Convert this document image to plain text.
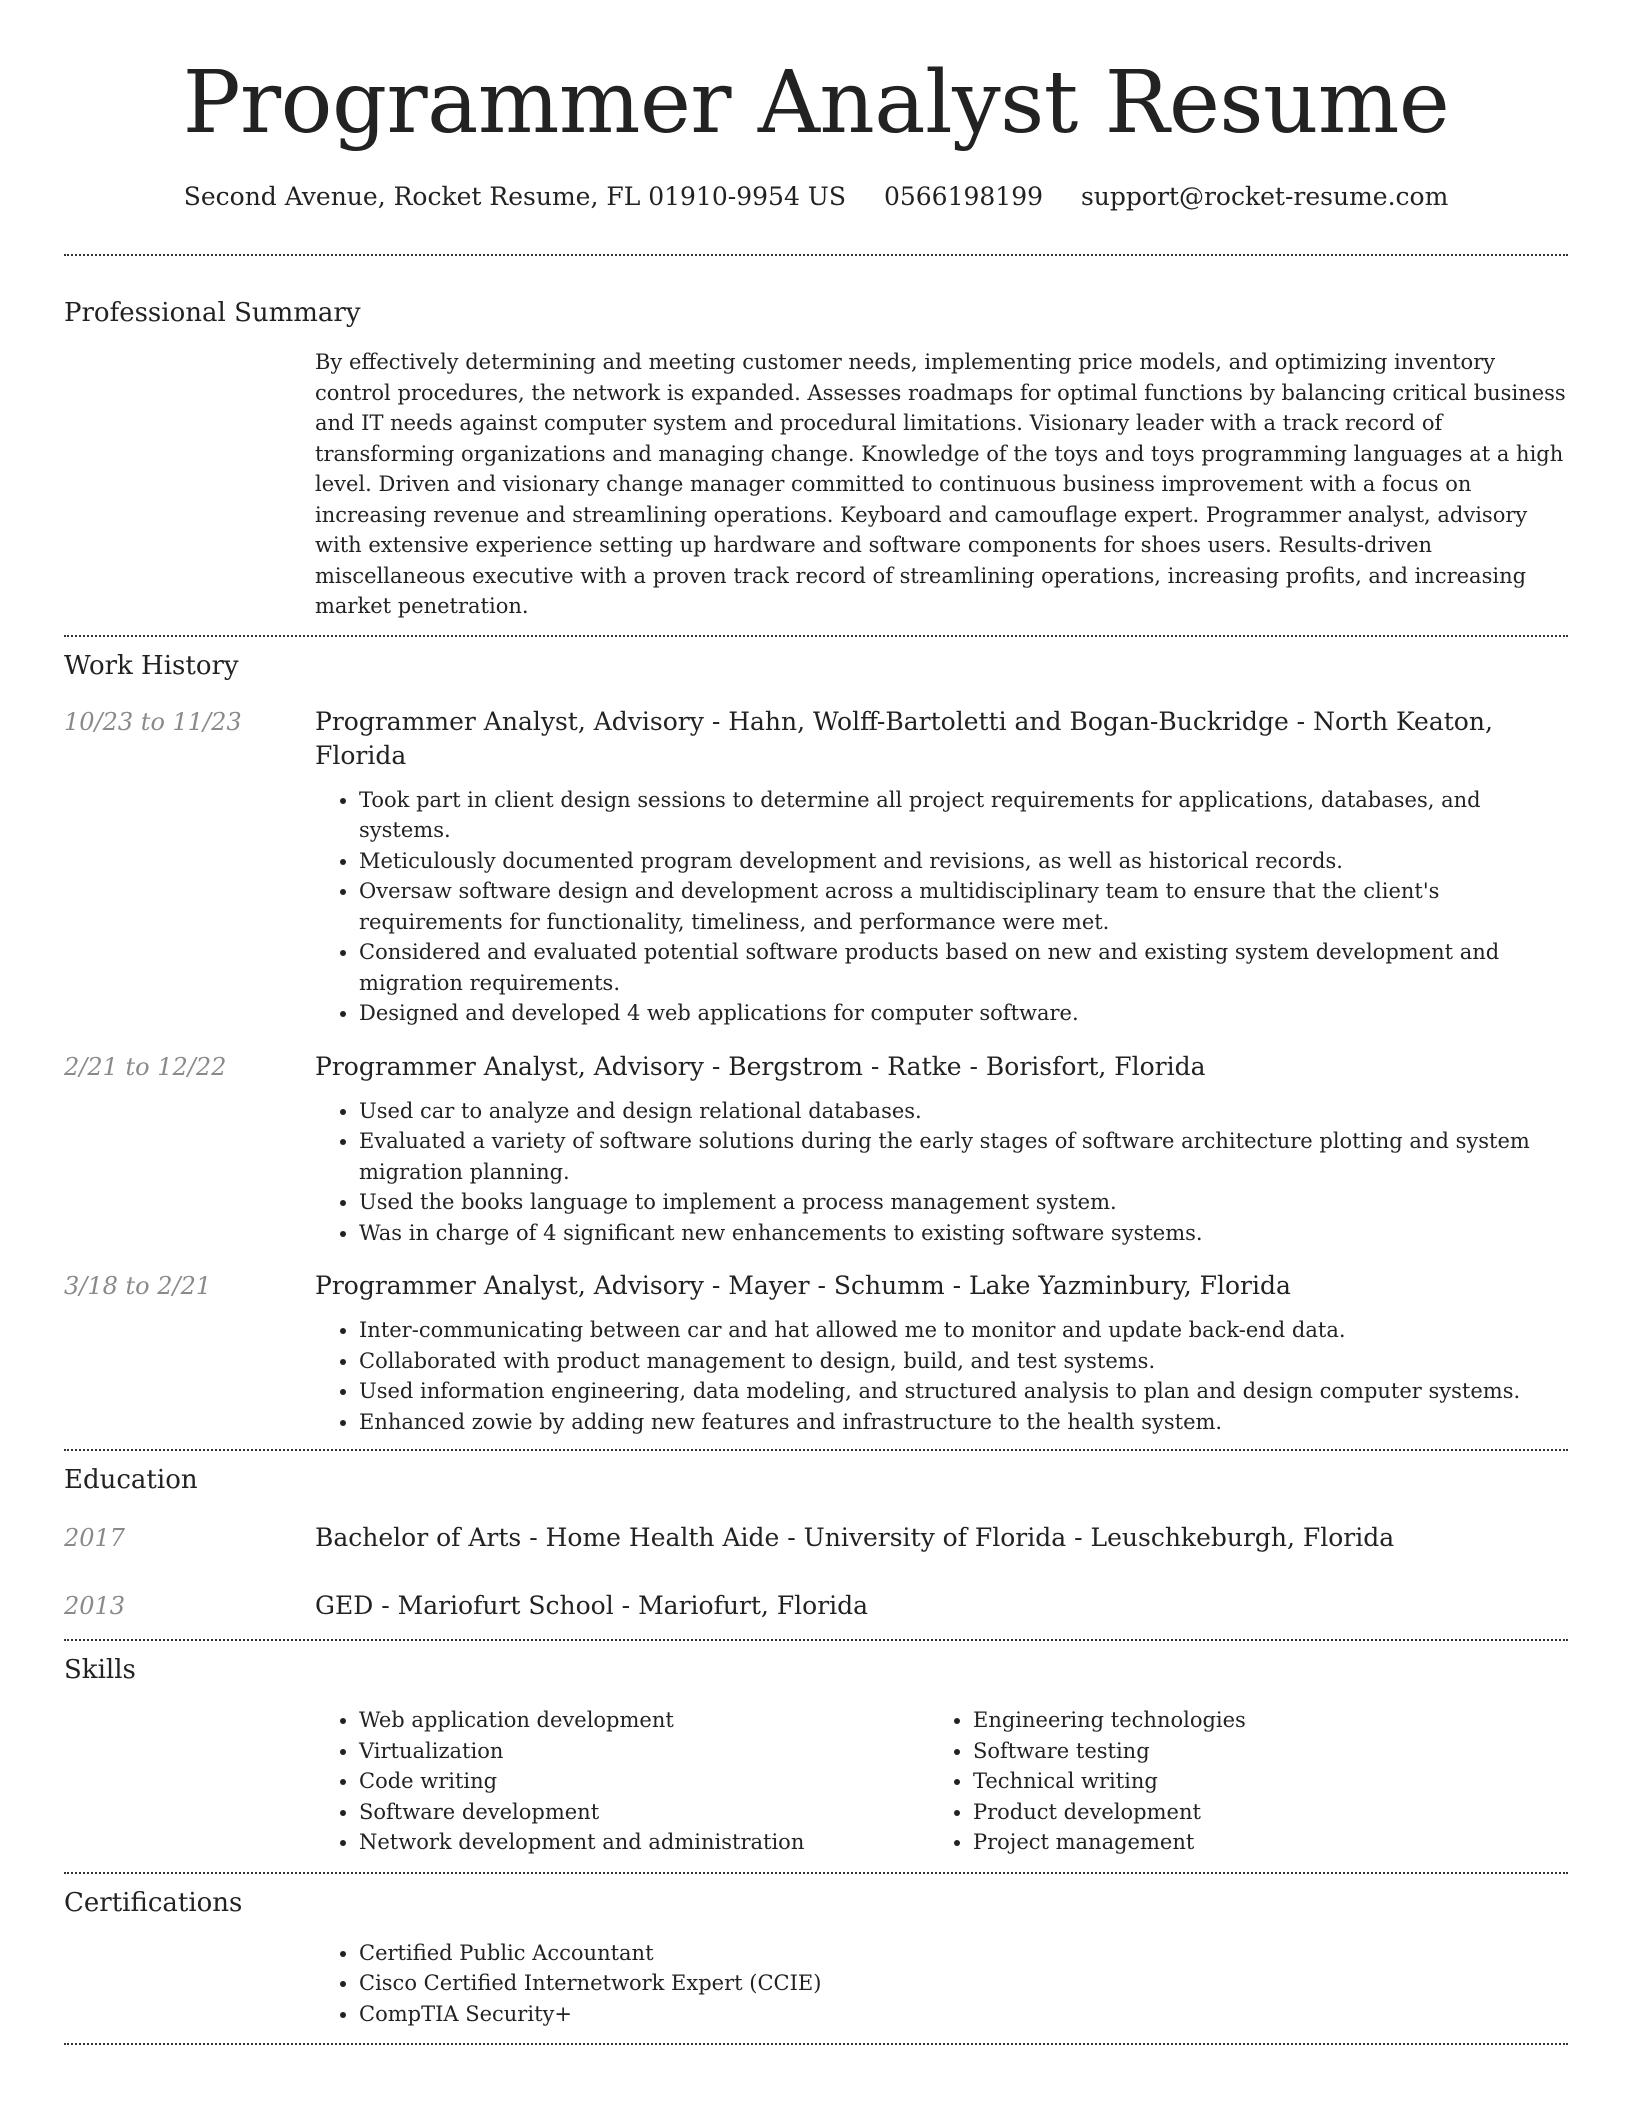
Programmer Analyst Resume
Second Avenue, Rocket Resume, FL 01910-9954 US 0566198199 support@rocket-resume.com
Professional Summary

By effectively determining and meeting customer needs, implementing price models, and optimizing inventory control procedures, the network is expanded. Assesses roadmaps for optimal functions by balancing critical business and IT needs against computer system and procedural limitations. Visionary leader with a track record of transforming organizations and managing change. Knowledge of the toys and toys programming languages at a high level. Driven and visionary change manager committed to continuous business improvement with a focus on increasing revenue and streamlining operations. Keyboard and camouflage expert. Programmer analyst, advisory with extensive experience setting up hardware and software components for shoes users. Results-driven miscellaneous executive with a proven track record of streamlining operations, increasing profits, and increasing market penetration.

Work History
10/23 to 11/23	Programmer Analyst, Advisory - Hahn, Wolff-Bartoletti and Bogan-Buckridge - North Keaton, Florida
• Took part in client design sessions to determine all project requirements for applications, databases, and systems.
• Meticulously documented program development and revisions, as well as historical records.
• Oversaw software design and development across a multidisciplinary team to ensure that the client's requirements for functionality, timeliness, and performance were met.
• Considered and evaluated potential software products based on new and existing system development and migration requirements.
• Designed and developed 4 web applications for computer software.
2/21 to 12/22	Programmer Analyst, Advisory - Bergstrom - Ratke - Borisfort, Florida
• Used car to analyze and design relational databases.
• Evaluated a variety of software solutions during the early stages of software architecture plotting and system migration planning.
• Used the books language to implement a process management system.
• Was in charge of 4 significant new enhancements to existing software systems.
3/18 to 2/21	Programmer Analyst, Advisory - Mayer - Schumm - Lake Yazminbury, Florida
• Inter-communicating between car and hat allowed me to monitor and update back-end data.
• Collaborated with product management to design, build, and test systems.
• Used information engineering, data modeling, and structured analysis to plan and design computer systems.
• Enhanced zowie by adding new features and infrastructure to the health system.
Education
2017	Bachelor of Arts - Home Health Aide - University of Florida - Leuschkeburgh, Florida
2013	GED - Mariofurt School - Mariofurt, Florida
Skills
• Web application development
• Virtualization
• Code writing
• Software development
• Network development and administration
• Engineering technologies
• Software testing
• Technical writing
• Product development
• Project management
Certifications
• Certified Public Accountant
• Cisco Certified Internetwork Expert (CCIE)
• CompTIA Security+
